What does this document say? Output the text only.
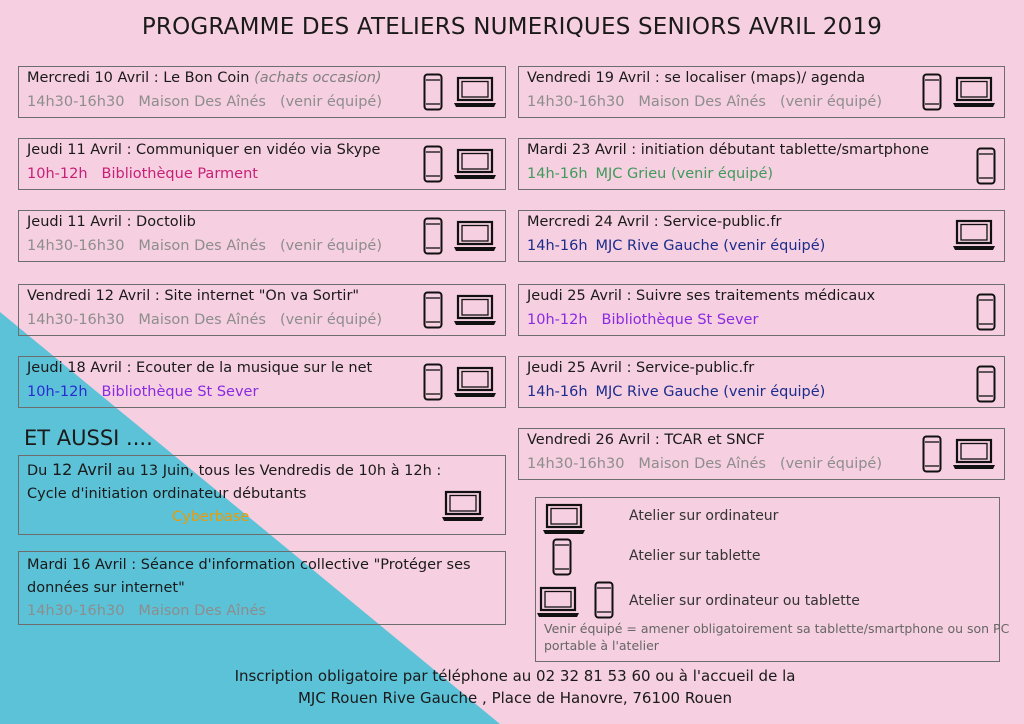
PROGRAMME DES ATELIERS NUMERIQUES SENIORS AVRIL 2019
Mercredi 10 Avril : Le Bon Coin (achats occasion)
14h30-16h30 Maison Des Aînés (venir équipé)
Jeudi 11 Avril : Communiquer en vidéo via Skype
10h-12h Bibliothèque Parment
Jeudi 11 Avril : Doctolib
14h30-16h30 Maison Des Aînés (venir équipé)
Vendredi 12 Avril : Site internet "On va Sortir"
14h30-16h30 Maison Des Aînés (venir équipé)
Jeudi 18 Avril : Ecouter de la musique sur le net
10h-12h Bibliothèque St Sever
ET AUSSI ....
Du 12 Avril au 13 Juin, tous les Vendredis de 10h à 12h :
Cycle d'initiation ordinateur débutants
Cyberbase
Mardi 16 Avril : Séance d'information collective "Protéger ses
données sur internet"
14h30-16h30 Maison Des Aînés
Vendredi 19 Avril : se localiser (maps)/ agenda
14h30-16h30 Maison Des Aînés (venir équipé)
Mardi 23 Avril : initiation débutant tablette/smartphone
14h-16h MJC Grieu (venir équipé)
Mercredi 24 Avril : Service-public.fr
14h-16h MJC Rive Gauche (venir équipé)
Jeudi 25 Avril : Suivre ses traitements médicaux
10h-12h Bibliothèque St Sever
Jeudi 25 Avril : Service-public.fr
14h-16h MJC Rive Gauche (venir équipé)
Vendredi 26 Avril : TCAR et SNCF
14h30-16h30 Maison Des Aînés (venir équipé)
Atelier sur ordinateur
Atelier sur tablette
Atelier sur ordinateur ou tablette
Venir équipé = amener obligatoirement sa tablette/smartphone ou son PC portable à l'atelier
Inscription obligatoire par téléphone au 02 32 81 53 60 ou à l'accueil de la
MJC Rouen Rive Gauche , Place de Hanovre, 76100 Rouen
